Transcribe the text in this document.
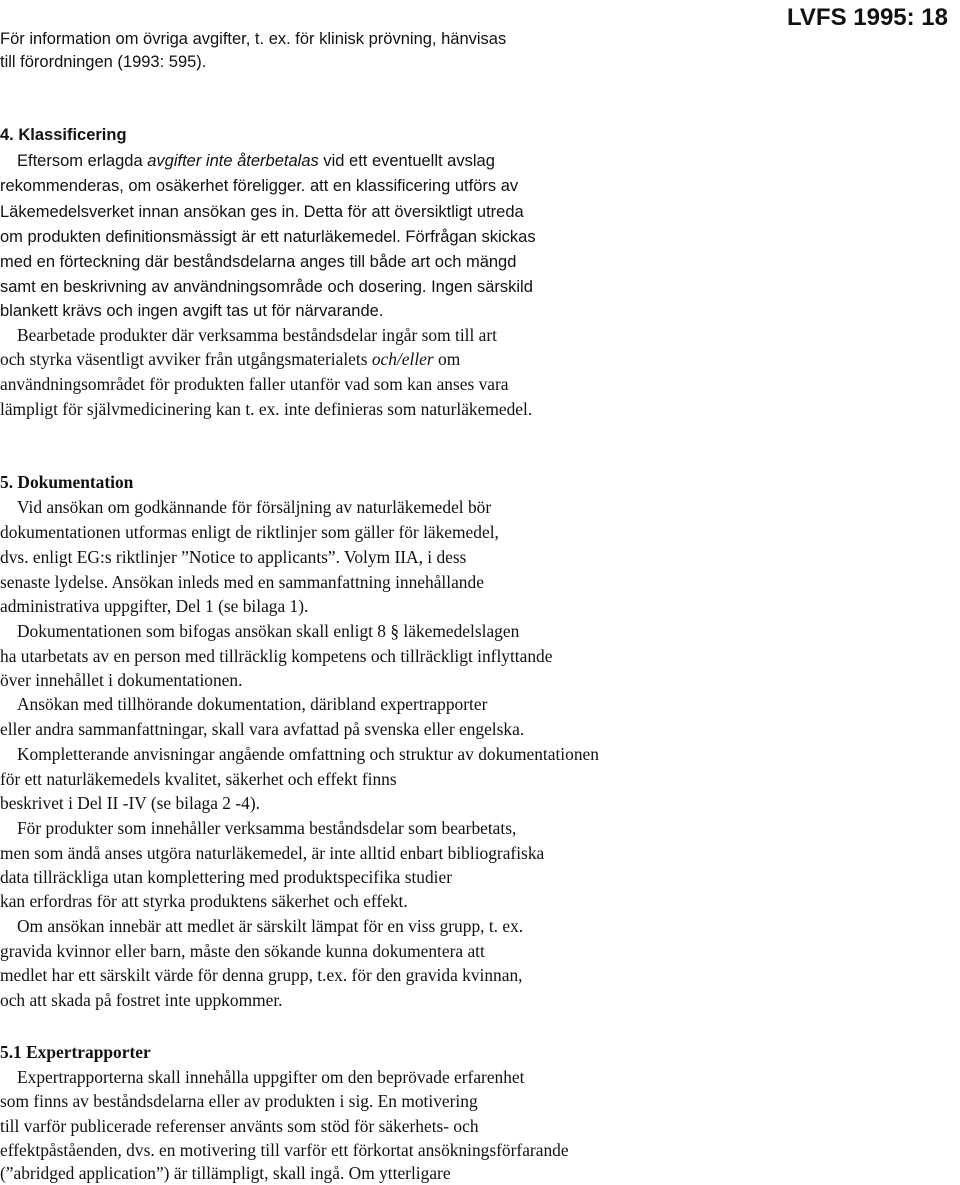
LVFS 1995: 18
För information om övriga avgifter, t. ex. för klinisk prövning, hänvisas
till förordningen (1993: 595).
4. Klassificering
Eftersom erlagda avgifter inte återbetalas vid ett eventuellt avslag
rekommenderas, om osäkerhet föreligger. att en klassificering utförs av
Läkemedelsverket innan ansökan ges in. Detta för att översiktligt utreda
om produkten definitionsmässigt är ett naturläkemedel. Förfrågan skickas
med en förteckning där beståndsdelarna anges till både art och mängd
samt en beskrivning av användningsområde och dosering. Ingen särskild
blankett krävs och ingen avgift tas ut för närvarande.
Bearbetade produkter där verksamma beståndsdelar ingår som till art
och styrka väsentligt avviker från utgångsmaterialets och/eller om
användningsområdet för produkten faller utanför vad som kan anses vara
lämpligt för självmedicinering kan t. ex. inte definieras som naturläkemedel.
5. Dokumentation
Vid ansökan om godkännande för försäljning av naturläkemedel bör
dokumentationen utformas enligt de riktlinjer som gäller för läkemedel,
dvs. enligt EG:s riktlinjer ”Notice to applicants”. Volym IIA, i dess
senaste lydelse. Ansökan inleds med en sammanfattning innehållande
administrativa uppgifter, Del 1 (se bilaga 1).
Dokumentationen som bifogas ansökan skall enligt 8 § läkemedelslagen
ha utarbetats av en person med tillräcklig kompetens och tillräckligt inflyttande
över innehållet i dokumentationen.
Ansökan med tillhörande dokumentation, däribland expertrapporter
eller andra sammanfattningar, skall vara avfattad på svenska eller engelska.
Kompletterande anvisningar angående omfattning och struktur av dokumentationen
för ett naturläkemedels kvalitet, säkerhet och effekt finns
beskrivet i Del II -IV (se bilaga 2 -4).
För produkter som innehåller verksamma beståndsdelar som bearbetats,
men som ändå anses utgöra naturläkemedel, är inte alltid enbart bibliografiska
data tillräckliga utan komplettering med produktspecifika studier
kan erfordras för att styrka produktens säkerhet och effekt.
Om ansökan innebär att medlet är särskilt lämpat för en viss grupp, t. ex.
gravida kvinnor eller barn, måste den sökande kunna dokumentera att
medlet har ett särskilt värde för denna grupp, t.ex. för den gravida kvinnan,
och att skada på fostret inte uppkommer.
5.1 Expertrapporter
Expertrapporterna skall innehålla uppgifter om den beprövade erfarenhet
som finns av beståndsdelarna eller av produkten i sig. En motivering
till varför publicerade referenser använts som stöd för säkerhets- och
effektpåståenden, dvs. en motivering till varför ett förkortat ansökningsförfarande
(”abridged application”) är tillämpligt, skall ingå. Om ytterligare
